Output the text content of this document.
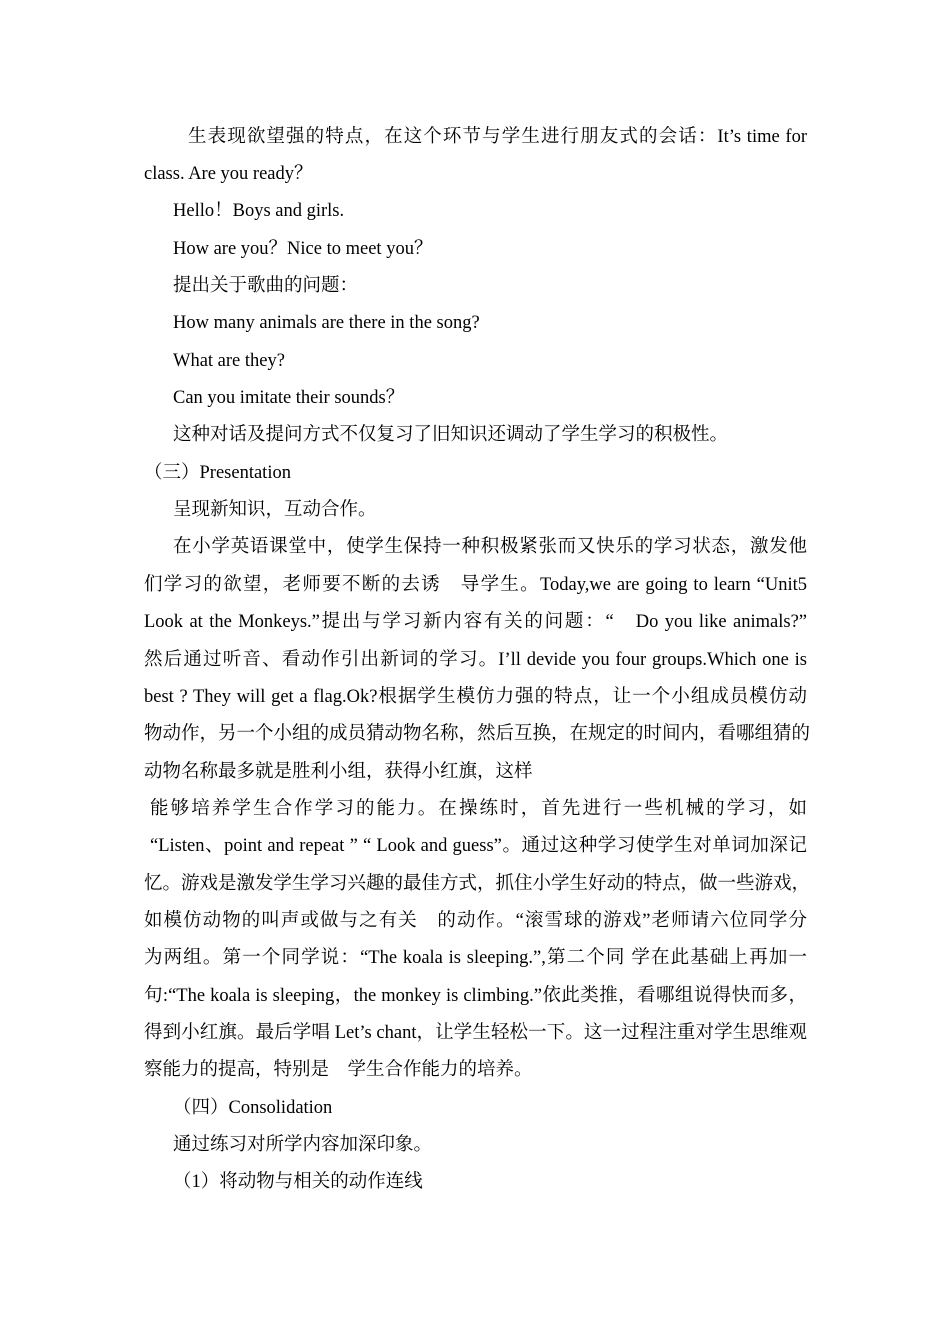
生表现欲望强的特点，在这个环节与学生进行朋友式的会话：It’s time for
class. Are you ready？
Hello！Boys and girls.
How are you？Nice to meet you？
提出关于歌曲的问题：
How many animals are there in the song?
What are they?
Can you imitate their sounds？
这种对话及提问方式不仅复习了旧知识还调动了学生学习的积极性。
（三）Presentation
呈现新知识，互动合作。
在小学英语课堂中，使学生保持一种积极紧张而又快乐的学习状态，激发他
们学习的欲望，老师要不断的去诱　导学生。Today,we are going to learn “Unit5
Look at the Monkeys.”提出与学习新内容有关的问题：“　Do you like animals?”
然后通过听音、看动作引出新词的学习。I’ll devide you four groups.Which one is
best ? They will get a flag.Ok?根据学生模仿力强的特点，让一个小组成员模仿动
物动作，另一个小组的成员猜动物名称，然后互换，在规定的时间内，看哪组猜的
动物名称最多就是胜利小组，获得小红旗，这样
能够培养学生合作学习的能力。在操练时，首先进行一些机械的学习，如
“Listen、point and repeat ” “ Look and guess”。通过这种学习使学生对单词加深记
忆。游戏是激发学生学习兴趣的最佳方式，抓住小学生好动的特点，做一些游戏，
如模仿动物的叫声或做与之有关　的动作。“滚雪球的游戏”老师请六位同学分
为两组。第一个同学说：“The koala is sleeping.”,第二个同 学在此基础上再加一
句:“The koala is sleeping，the monkey is climbing.”依此类推，看哪组说得快而多，
得到小红旗。最后学唱 Let’s chant，让学生轻松一下。这一过程注重对学生思维观
察能力的提高，特别是　学生合作能力的培养。
（四）Consolidation
通过练习对所学内容加深印象。
（1）将动物与相关的动作连线
